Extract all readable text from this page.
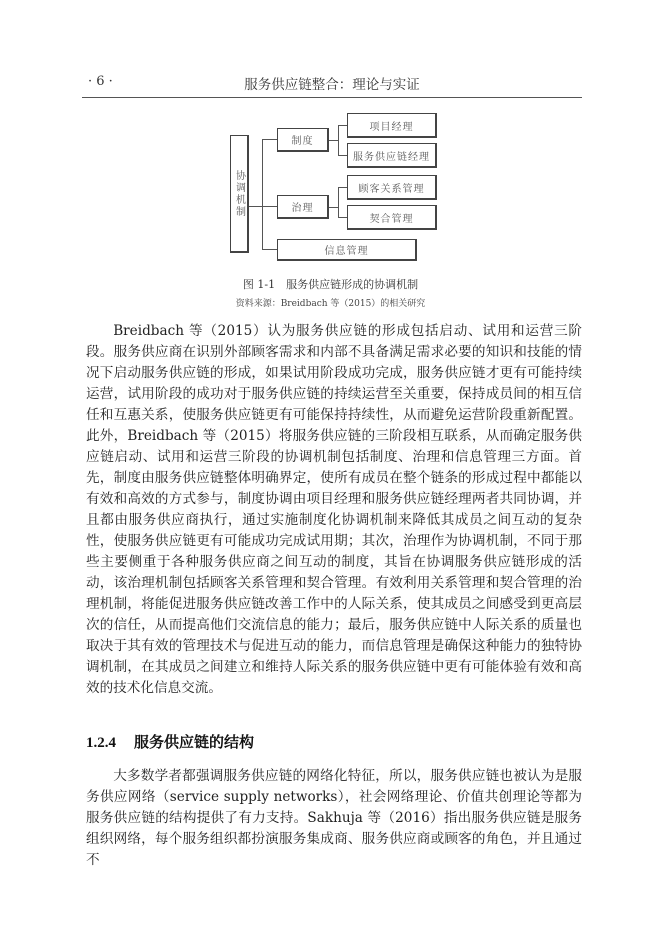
· 6 ·	服务供应链整合：理论与实证
协调机制
制度
治理
信息管理
项目经理
服务供应链经理
顾客关系管理
契合管理
图 1-1　服务供应链形成的协调机制
资料来源：Breidbach 等（2015）的相关研究

Breidbach 等（2015）认为服务供应链的形成包括启动、试用和运营三阶段。服务供应商在识别外部顾客需求和内部不具备满足需求必要的知识和技能的情况下启动服务供应链的形成，如果试用阶段成功完成，服务供应链才更有可能持续运营，试用阶段的成功对于服务供应链的持续运营至关重要，保持成员间的相互信任和互惠关系，使服务供应链更有可能保持持续性，从而避免运营阶段重新配置。此外，Breidbach 等（2015）将服务供应链的三阶段相互联系，从而确定服务供应链启动、试用和运营三阶段的协调机制包括制度、治理和信息管理三方面。首先，制度由服务供应链整体明确界定，使所有成员在整个链条的形成过程中都能以有效和高效的方式参与，制度协调由项目经理和服务供应链经理两者共同协调，并且都由服务供应商执行，通过实施制度化协调机制来降低其成员之间互动的复杂性，使服务供应链更有可能成功完成试用期；其次，治理作为协调机制，不同于那些主要侧重于各种服务供应商之间互动的制度，其旨在协调服务供应链形成的活动，该治理机制包括顾客关系管理和契合管理。有效利用关系管理和契合管理的治理机制，将能促进服务供应链改善工作中的人际关系，使其成员之间感受到更高层次的信任，从而提高他们交流信息的能力；最后，服务供应链中人际关系的质量也取决于其有效的管理技术与促进互动的能力，而信息管理是确保这种能力的独特协调机制，在其成员之间建立和维持人际关系的服务供应链中更有可能体验有效和高效的技术化信息交流。

1.2.4 服务供应链的结构

大多数学者都强调服务供应链的网络化特征，所以，服务供应链也被认为是服务供应网络（service supply networks），社会网络理论、价值共创理论等都为服务供应链的结构提供了有力支持。Sakhuja 等（2016）指出服务供应链是服务组织网络，每个服务组织都扮演服务集成商、服务供应商或顾客的角色，并且通过不
